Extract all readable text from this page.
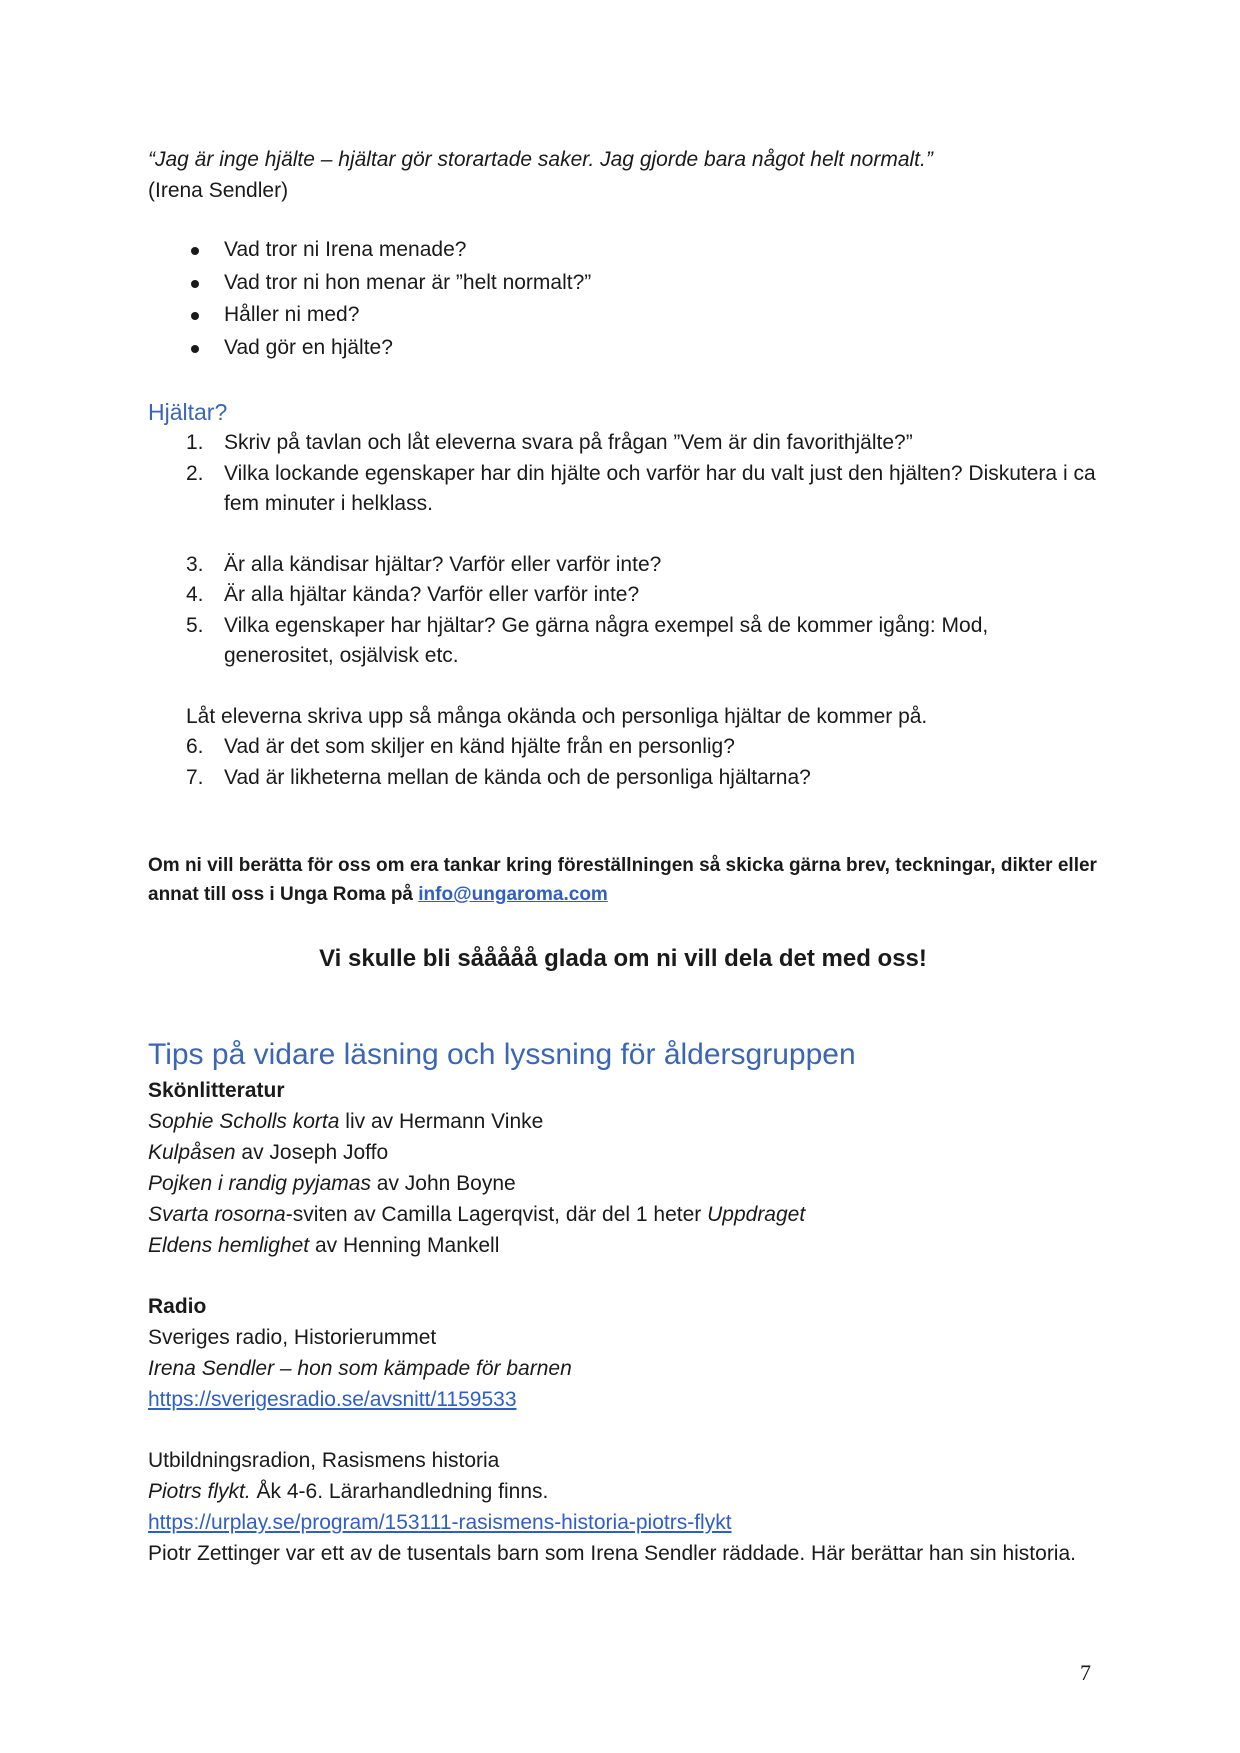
“Jag är inge hjälte – hjältar gör storartade saker. Jag gjorde bara något helt normalt.”

(Irena Sendler)

Vad tror ni Irena menade?
Vad tror ni hon menar är ”helt normalt?”
Håller ni med?
Vad gör en hjälte?
Hjältar?
1. Skriv på tavlan och låt eleverna svara på frågan ”Vem är din favorithjälte?”
2. Vilka lockande egenskaper har din hjälte och varför har du valt just den hjälten? Diskutera i ca fem minuter i helklass.
3. Är alla kändisar hjältar? Varför eller varför inte?
4. Är alla hjältar kända? Varför eller varför inte?
5. Vilka egenskaper har hjältar? Ge gärna några exempel så de kommer igång: Mod, generositet, osjälvisk etc.

Låt eleverna skriva upp så många okända och personliga hjältar de kommer på.

6. Vad är det som skiljer en känd hjälte från en personlig?
7. Vad är likheterna mellan de kända och de personliga hjältarna?

Om ni vill berätta för oss om era tankar kring föreställningen så skicka gärna brev, teckningar, dikter eller annat till oss i Unga Roma på info@ungaroma.com

Vi skulle bli sååååå glada om ni vill dela det med oss!

Tips på vidare läsning och lyssning för åldersgruppen

Skönlitteratur

Sophie Scholls korta liv av Hermann Vinke

Kulpåsen av Joseph Joffo

Pojken i randig pyjamas av John Boyne

Svarta rosorna-sviten av Camilla Lagerqvist, där del 1 heter Uppdraget

Eldens hemlighet av Henning Mankell

Radio

Sveriges radio, Historierummet

Irena Sendler – hon som kämpade för barnen

https://sverigesradio.se/avsnitt/1159533

Utbildningsradion, Rasismens historia

Piotrs flykt. Åk 4-6. Lärarhandledning finns.

https://urplay.se/program/153111-rasismens-historia-piotrs-flykt

Piotr Zettinger var ett av de tusentals barn som Irena Sendler räddade. Här berättar han sin historia.

7
